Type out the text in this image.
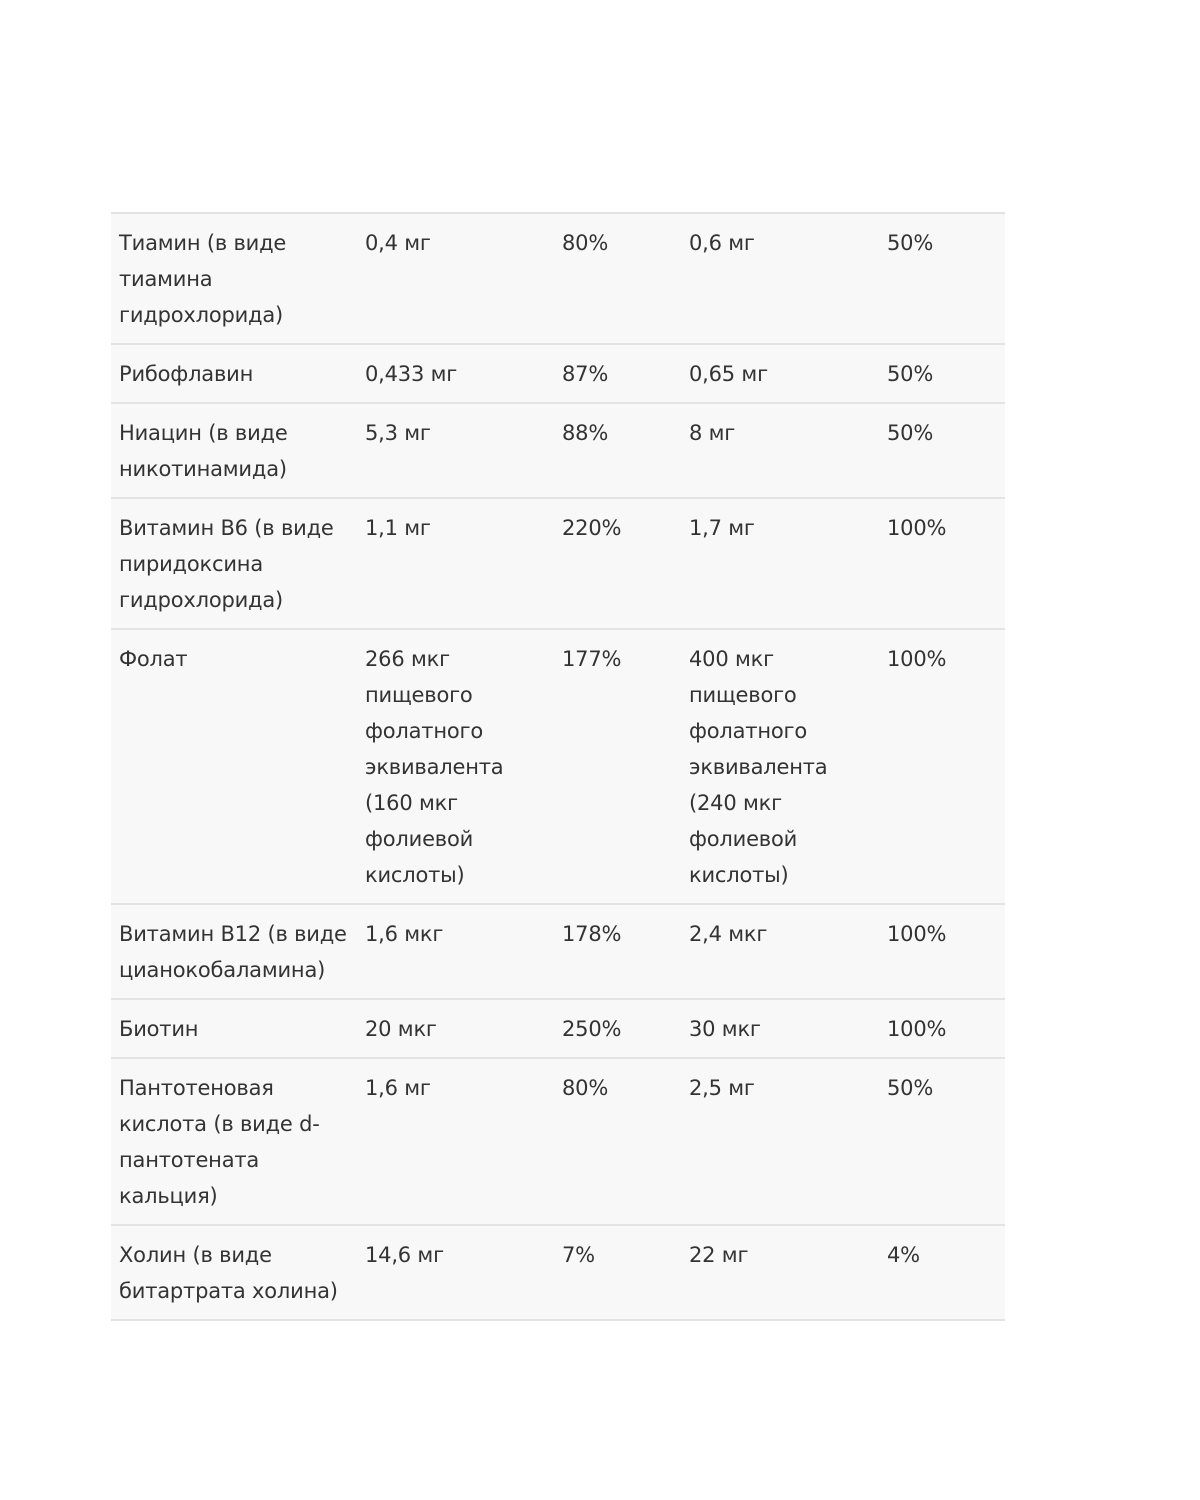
Тиамин (в виде тиамина гидрохлорида)	0,4 мг	80%	0,6 мг	50%
Рибофлавин	0,433 мг	87%	0,65 мг	50%
Ниацин (в виде никотинамида)	5,3 мг	88%	8 мг	50%
Витамин B6 (в виде пиридоксина гидрохлорида)	1,1 мг	220%	1,7 мг	100%
Фолат	266 мкг пищевого фолатного эквивалента (160 мкг фолиевой кислоты)	177%	400 мкг пищевого фолатного эквивалента (240 мкг фолиевой кислоты)	100%
Витамин B12 (в виде цианокобаламина)	1,6 мкг	178%	2,4 мкг	100%
Биотин	20 мкг	250%	30 мкг	100%
Пантотеновая кислота (в виде d-пантотената кальция)	1,6 мг	80%	2,5 мг	50%
Холин (в виде битартрата холина)	14,6 мг	7%	22 мг	4%
